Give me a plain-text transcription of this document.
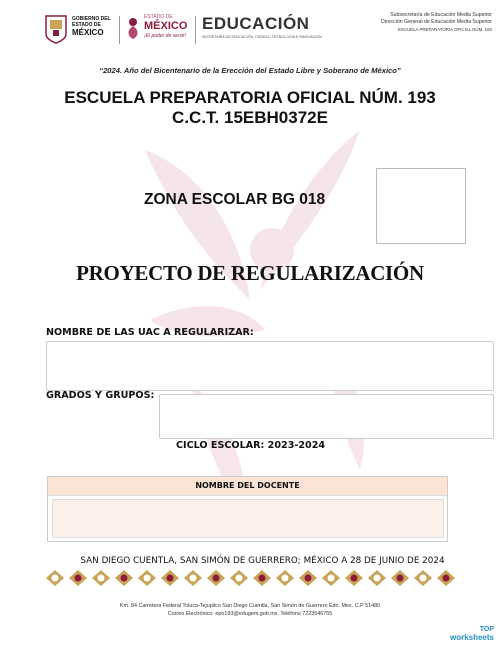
GOBIERNO DEL
ESTADO DE
MÉXICO
ESTADO DE
MÉXICO
¡El poder de servir!
EDUCACIÓN
SECRETARÍA DE EDUCACIÓN, CIENCIA, TECNOLOGÍA E INNOVACIÓN
Subsecretaría de Educación Media Superior
Dirección General de Educación Media Superior
ESCUELA PREPARATORIA OFICIAL NÚM. 193
“2024. Año del Bicentenario de la Erección del Estado Libre y Soberano de México”
ESCUELA PREPARATORIA OFICIAL NÚM. 193
C.C.T. 15EBH0372E
ZONA ESCOLAR BG 018
PROYECTO DE REGULARIZACIÓN
NOMBRE DE LAS UAC A REGULARIZAR:
GRADOS Y GRUPOS:
CICLO ESCOLAR: 2023-2024
NOMBRE DEL DOCENTE
SAN DIEGO CUENTLA, SAN SIMÓN DE GUERRERO; MÉXICO A 28 DE JUNIO DE 2024
Km. 84 Carretera Federal Toluca-Tejupilco San Diego Cuentla, San Simón de Guerrero Edo. Mex. C.P 51480
Correo Electrónico: epo193@edugem.gob.mx. Teléfono 7223546755
TOP
worksheets
